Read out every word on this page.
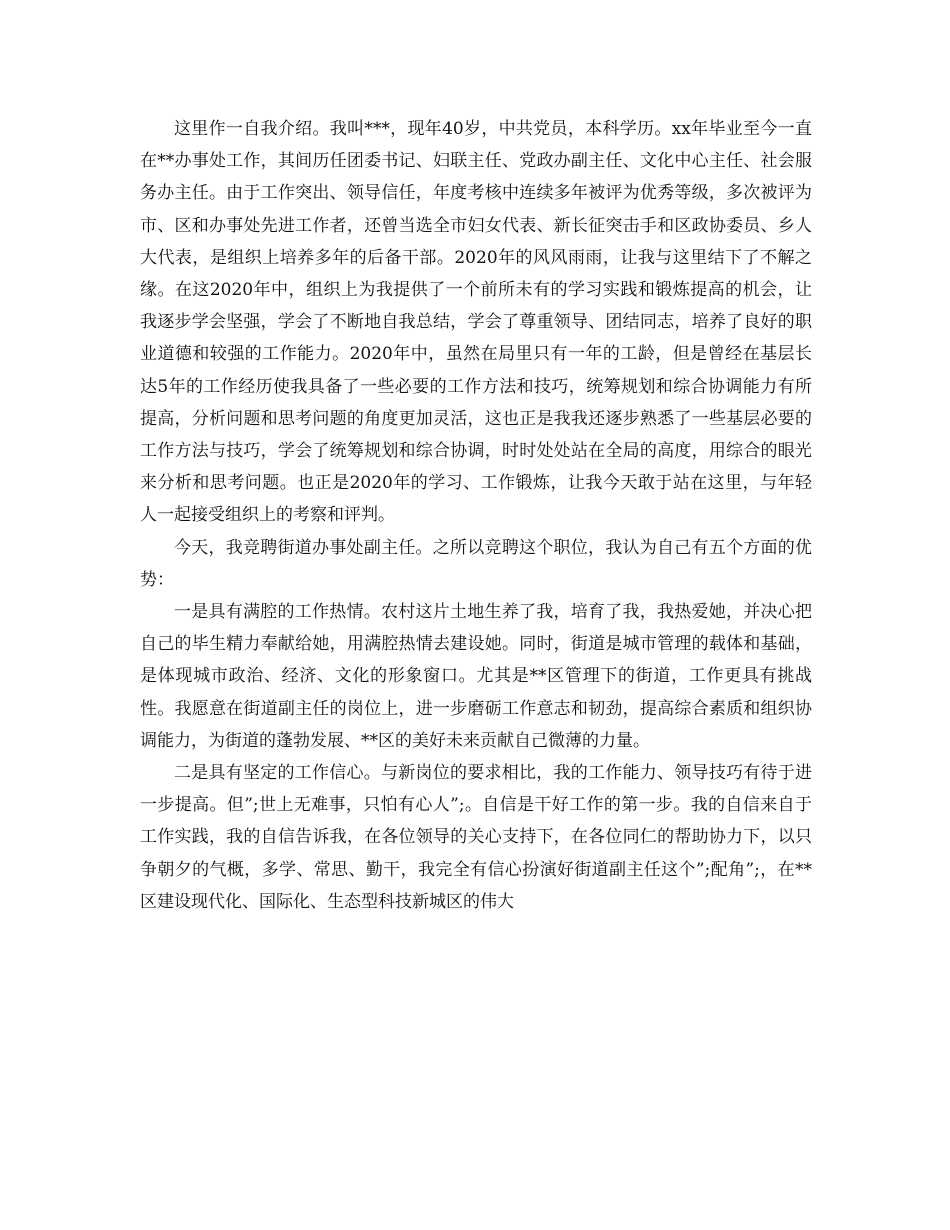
这里作一自我介绍。我叫***，现年40岁，中共党员，本科学历。xx年毕业至今一直在**办事处工作，其间历任团委书记、妇联主任、党政办副主任、文化中心主任、社会服务办主任。由于工作突出、领导信任，年度考核中连续多年被评为优秀等级，多次被评为市、区和办事处先进工作者，还曾当选全市妇女代表、新长征突击手和区政协委员、乡人大代表，是组织上培养多年的后备干部。2020年的风风雨雨，让我与这里结下了不解之缘。在这2020年中，组织上为我提供了一个前所未有的学习实践和锻炼提高的机会，让我逐步学会坚强，学会了不断地自我总结，学会了尊重领导、团结同志，培养了良好的职业道德和较强的工作能力。2020年中，虽然在局里只有一年的工龄，但是曾经在基层长达5年的工作经历使我具备了一些必要的工作方法和技巧，统筹规划和综合协调能力有所提高，分析问题和思考问题的角度更加灵活，这也正是我我还逐步熟悉了一些基层必要的工作方法与技巧，学会了统筹规划和综合协调，时时处处站在全局的高度，用综合的眼光来分析和思考问题。也正是2020年的学习、工作锻炼，让我今天敢于站在这里，与年轻人一起接受组织上的考察和评判。

今天，我竞聘街道办事处副主任。之所以竞聘这个职位，我认为自己有五个方面的优势：

一是具有满腔的工作热情。农村这片土地生养了我，培育了我，我热爱她，并决心把自己的毕生精力奉献给她，用满腔热情去建设她。同时，街道是城市管理的载体和基础，是体现城市政治、经济、文化的形象窗口。尤其是**区管理下的街道，工作更具有挑战性。我愿意在街道副主任的岗位上，进一步磨砺工作意志和韧劲，提高综合素质和组织协调能力，为街道的蓬勃发展、**区的美好未来贡献自己微薄的力量。

二是具有坚定的工作信心。与新岗位的要求相比，我的工作能力、领导技巧有待于进一步提高。但”;世上无难事，只怕有心人”;。自信是干好工作的第一步。我的自信来自于工作实践，我的自信告诉我，在各位领导的关心支持下，在各位同仁的帮助协力下，以只争朝夕的气概，多学、常思、勤干，我完全有信心扮演好街道副主任这个”;配角”;，在**区建设现代化、国际化、生态型科技新城区的伟大
